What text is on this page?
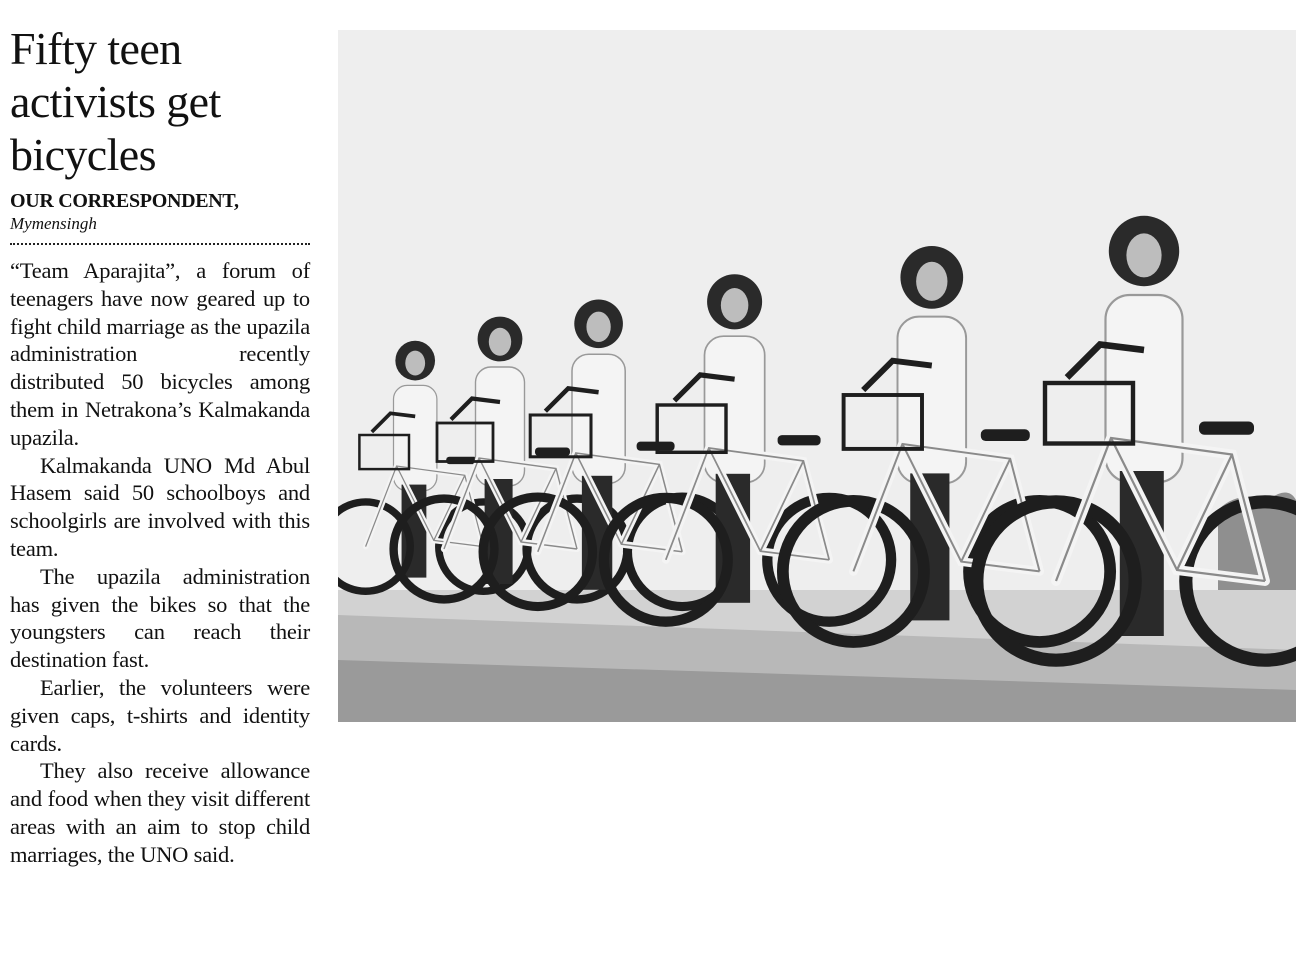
Fifty teen activists get bicycles
OUR CORRESPONDENT,
Mymensingh

“Team Aparajita”, a forum of teenagers have now geared up to fight child marriage as the upazila administration recently distributed 50 bicycles among them in Netrakona’s Kalmakanda upazila.

Kalmakanda UNO Md Abul Hasem said 50 schoolboys and schoolgirls are involved with this team.

The upazila administration has given the bikes so that the youngsters can reach their destination fast.

Earlier, the volunteers were given caps, t-shirts and identity cards.

They also receive allowance and food when they visit different areas with an aim to stop child marriages, the UNO said.
